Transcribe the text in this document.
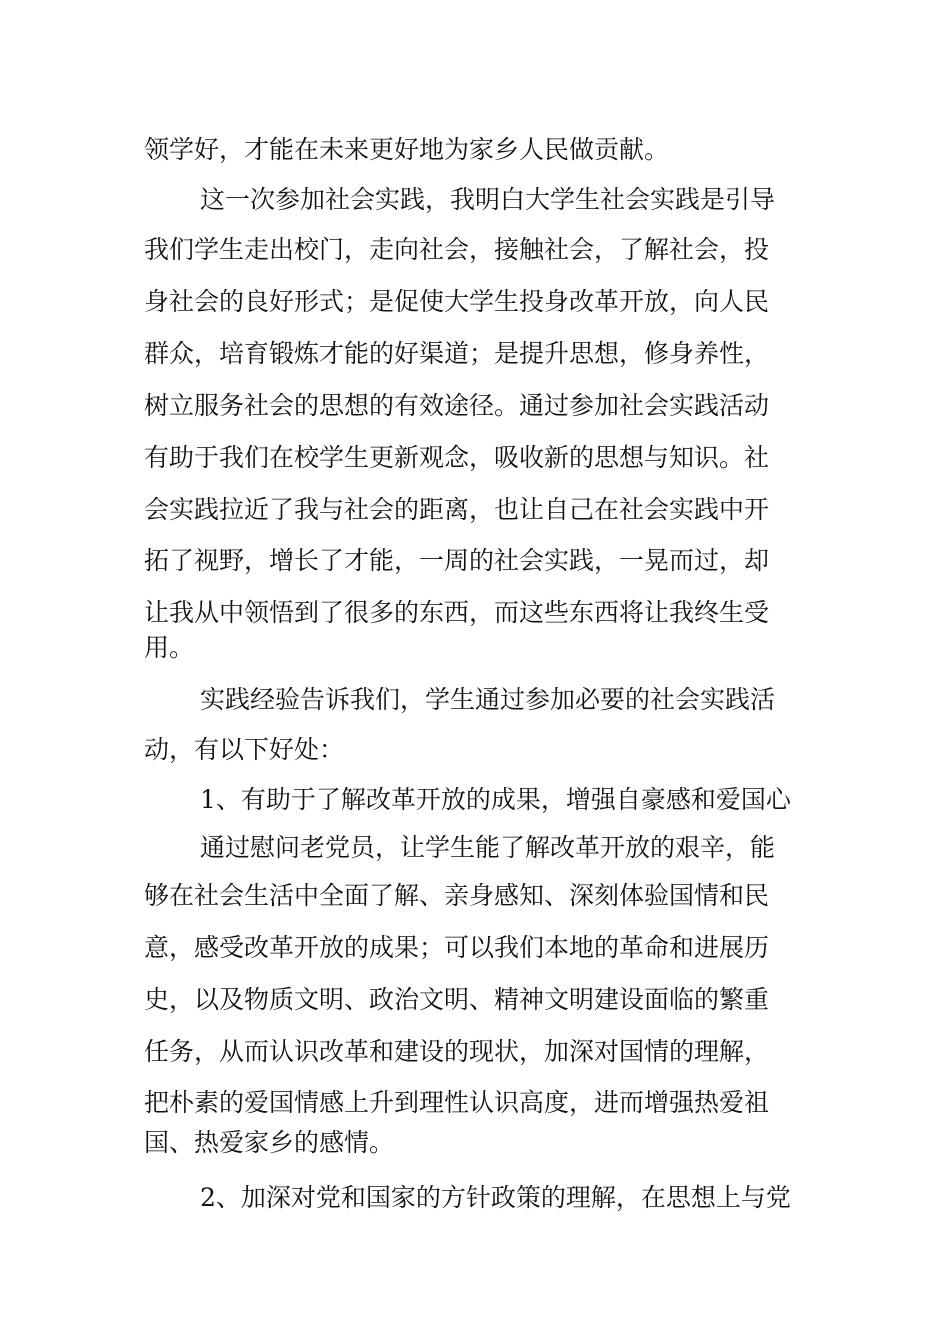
领学好，才能在未来更好地为家乡人民做贡献。
这一次参加社会实践，我明白大学生社会实践是引导
我们学生走出校门，走向社会，接触社会，了解社会，投
身社会的良好形式；是促使大学生投身改革开放，向人民
群众，培育锻炼才能的好渠道；是提升思想，修身养性，
树立服务社会的思想的有效途径。通过参加社会实践活动
有助于我们在校学生更新观念，吸收新的思想与知识。社
会实践拉近了我与社会的距离，也让自己在社会实践中开
拓了视野，增长了才能，一周的社会实践，一晃而过，却
让我从中领悟到了很多的东西，而这些东西将让我终生受
用。
实践经验告诉我们，学生通过参加必要的社会实践活
动，有以下好处：
1、有助于了解改革开放的成果，增强自豪感和爱国心
通过慰问老党员，让学生能了解改革开放的艰辛，能
够在社会生活中全面了解、亲身感知、深刻体验国情和民
意，感受改革开放的成果；可以我们本地的革命和进展历
史，以及物质文明、政治文明、精神文明建设面临的繁重
任务，从而认识改革和建设的现状，加深对国情的理解，
把朴素的爱国情感上升到理性认识高度，进而增强热爱祖
国、热爱家乡的感情。
2、加深对党和国家的方针政策的理解，在思想上与党
